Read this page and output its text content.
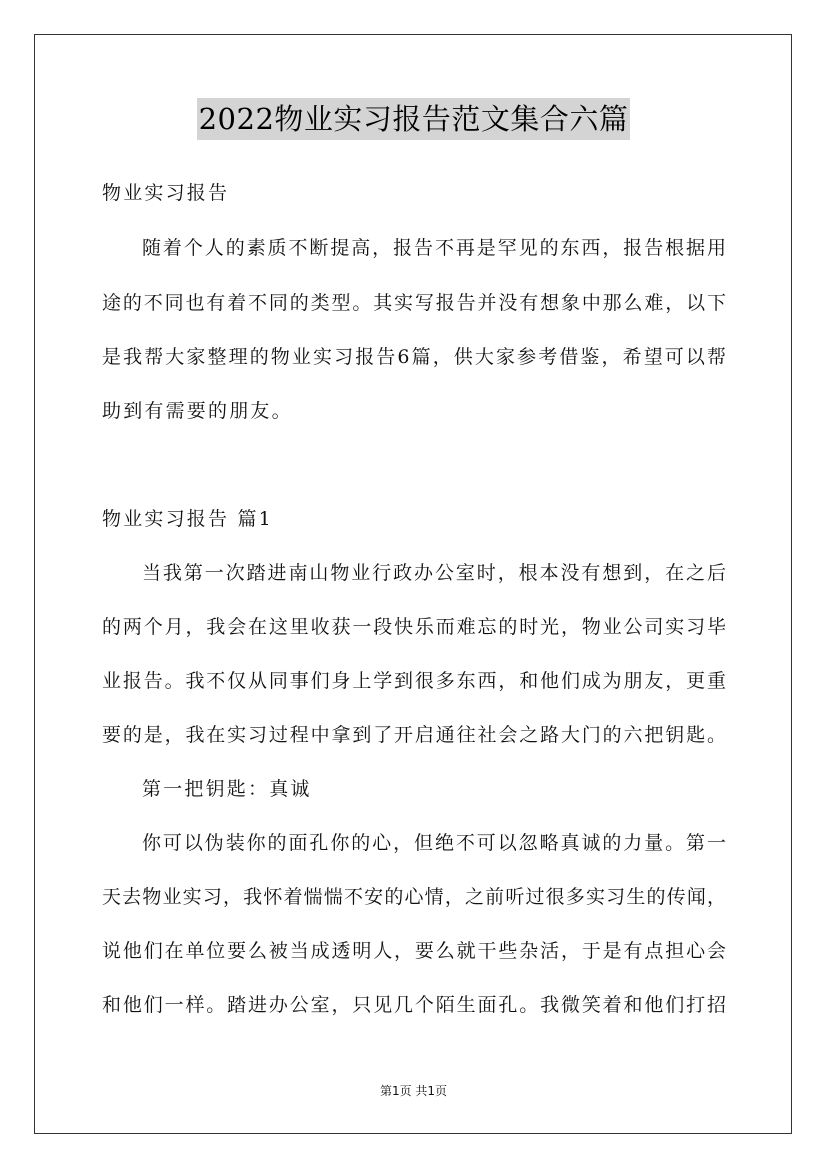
2022物业实习报告范文集合六篇
物业实习报告
随着个人的素质不断提高，报告不再是罕见的东西，报告根据用
途的不同也有着不同的类型。其实写报告并没有想象中那么难，以下
是我帮大家整理的物业实习报告6篇，供大家参考借鉴，希望可以帮
助到有需要的朋友。
物业实习报告 篇1
当我第一次踏进南山物业行政办公室时，根本没有想到，在之后
的两个月，我会在这里收获一段快乐而难忘的时光，物业公司实习毕
业报告。我不仅从同事们身上学到很多东西，和他们成为朋友，更重
要的是，我在实习过程中拿到了开启通往社会之路大门的六把钥匙。
第一把钥匙：真诚
你可以伪装你的面孔你的心，但绝不可以忽略真诚的力量。第一
天去物业实习，我怀着惴惴不安的心情，之前听过很多实习生的传闻，
说他们在单位要么被当成透明人，要么就干些杂活，于是有点担心会
和他们一样。踏进办公室，只见几个陌生面孔。我微笑着和他们打招
第1页 共1页
